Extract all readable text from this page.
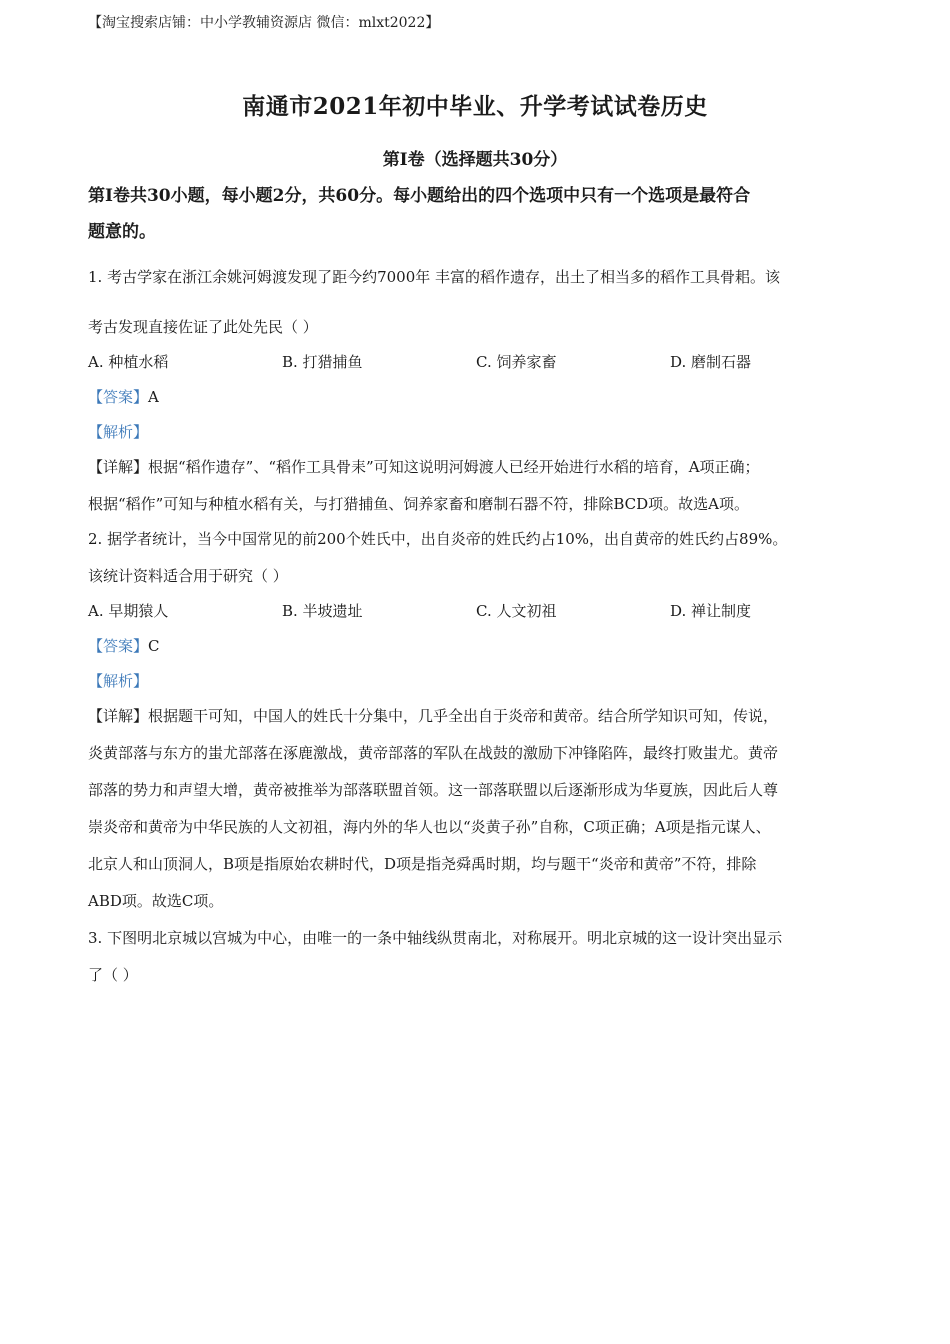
【淘宝搜索店铺：中小学教辅资源店 微信：mlxt2022】
南通市2021年初中毕业、升学考试试卷历史
第Ⅰ卷（选择题共30分）
第Ⅰ卷共30小题，每小题2分，共60分。每小题给出的四个选项中只有一个选项是最符合
题意的。
1. 考古学家在浙江余姚河姆渡发现了距今约7000年 丰富的稻作遗存，出土了相当多的稻作工具骨耜。该
考古发现直接佐证了此处先民（ ）
A. 种植水稻	B. 打猎捕鱼	C. 饲养家畜	D. 磨制石器
【答案】A
【解析】
【详解】根据“稻作遗存”、“稻作工具骨耒”可知这说明河姆渡人已经开始进行水稻的培育，A项正确；
根据“稻作”可知与种植水稻有关，与打猎捕鱼、饲养家畜和磨制石器不符，排除BCD项。故选A项。
2. 据学者统计，当今中国常见的前200个姓氏中，出自炎帝的姓氏约占10%，出自黄帝的姓氏约占89%。
该统计资料适合用于研究（ ）
A. 早期猿人	B. 半坡遗址	C. 人文初祖	D. 禅让制度
【答案】C
【解析】
【详解】根据题干可知，中国人的姓氏十分集中，几乎全出自于炎帝和黄帝。结合所学知识可知，传说，
炎黄部落与东方的蚩尤部落在涿鹿激战，黄帝部落的军队在战鼓的激励下冲锋陷阵，最终打败蚩尤。黄帝
部落的势力和声望大增，黄帝被推举为部落联盟首领。这一部落联盟以后逐渐形成为华夏族，因此后人尊
崇炎帝和黄帝为中华民族的人文初祖，海内外的华人也以“炎黄子孙”自称，C项正确；A项是指元谋人、
北京人和山顶洞人，B项是指原始农耕时代，D项是指尧舜禹时期，均与题干“炎帝和黄帝”不符，排除
ABD项。故选C项。
3. 下图明北京城以宫城为中心，由唯一的一条中轴线纵贯南北，对称展开。明北京城的这一设计突出显示
了（ ）
